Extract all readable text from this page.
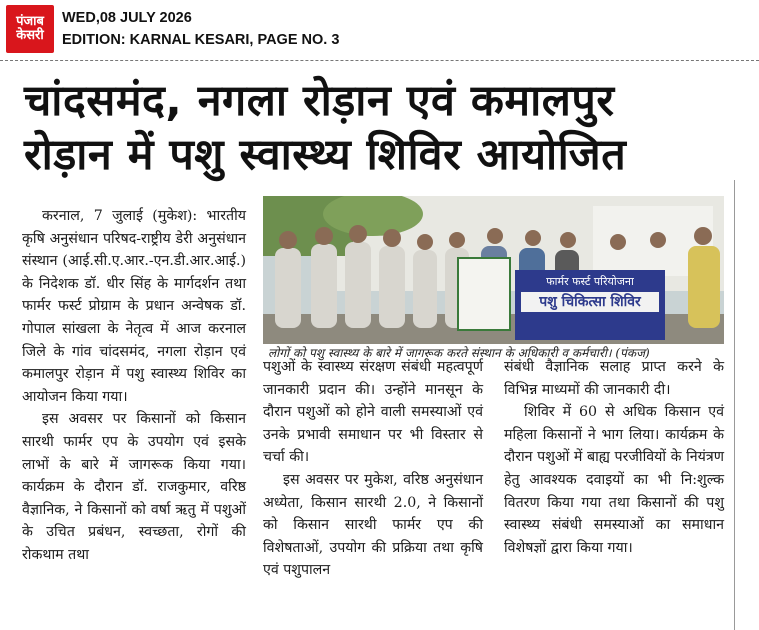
पंजाब
केसरी
WED,08 JULY 2026
EDITION: KARNAL KESARI, PAGE NO. 3
चांदसमंद, नगला रोड़ान एवं कमालपुर
रोड़ान में पशु स्वास्थ्य शिविर आयोजित

करनाल, 7 जुलाई (मुकेश): भारतीय कृषि अनुसंधान परिषद-राष्ट्रीय डेरी अनुसंधान संस्थान (आई.सी.ए.आर.-एन.डी.आर.आई.) के निदेशक डॉ. धीर सिंह के मार्गदर्शन तथा फार्मर फर्स्ट प्रोग्राम के प्रधान अन्वेषक डॉ. गोपाल सांखला के नेतृत्व में आज करनाल जिले के गांव चांदसमंद, नगला रोड़ान एवं कमालपुर रोड़ान में पशु स्वास्थ्य शिविर का आयोजन किया गया।

इस अवसर पर किसानों को किसान सारथी फार्मर एप के उपयोग एवं इसके लाभों के बारे में जागरूक किया गया। कार्यक्रम के दौरान डॉ. राजकुमार, वरिष्ठ वैज्ञानिक, ने किसानों को वर्षा ऋतु में पशुओं के उचित प्रबंधन, स्वच्छता, रोगों की रोकथाम तथा

फार्मर फर्स्ट परियोजना
पशु चिकित्सा शिविर
लोगों को पशु स्वास्थ्य के बारे में जागरूक करते संस्थान के अधिकारी व कर्मचारी। (पंकज)

पशुओं के स्वास्थ्य संरक्षण संबंधी महत्वपूर्ण जानकारी प्रदान की। उन्होंने मानसून के दौरान पशुओं को होने वाली समस्याओं एवं उनके प्रभावी समाधान पर भी विस्तार से चर्चा की।

इस अवसर पर मुकेश, वरिष्ठ अनुसंधान अध्येता, किसान सारथी 2.0, ने किसानों को किसान सारथी फार्मर एप की विशेषताओं, उपयोग की प्रक्रिया तथा कृषि एवं पशुपालन

संबंधी वैज्ञानिक सलाह प्राप्त करने के विभिन्न माध्यमों की जानकारी दी।

शिविर में 60 से अधिक किसान एवं महिला किसानों ने भाग लिया। कार्यक्रम के दौरान पशुओं में बाह्य परजीवियों के नियंत्रण हेतु आवश्यक दवाइयों का भी नि:शुल्क वितरण किया गया तथा किसानों की पशु स्वास्थ्य संबंधी समस्याओं का समाधान विशेषज्ञों द्वारा किया गया।
